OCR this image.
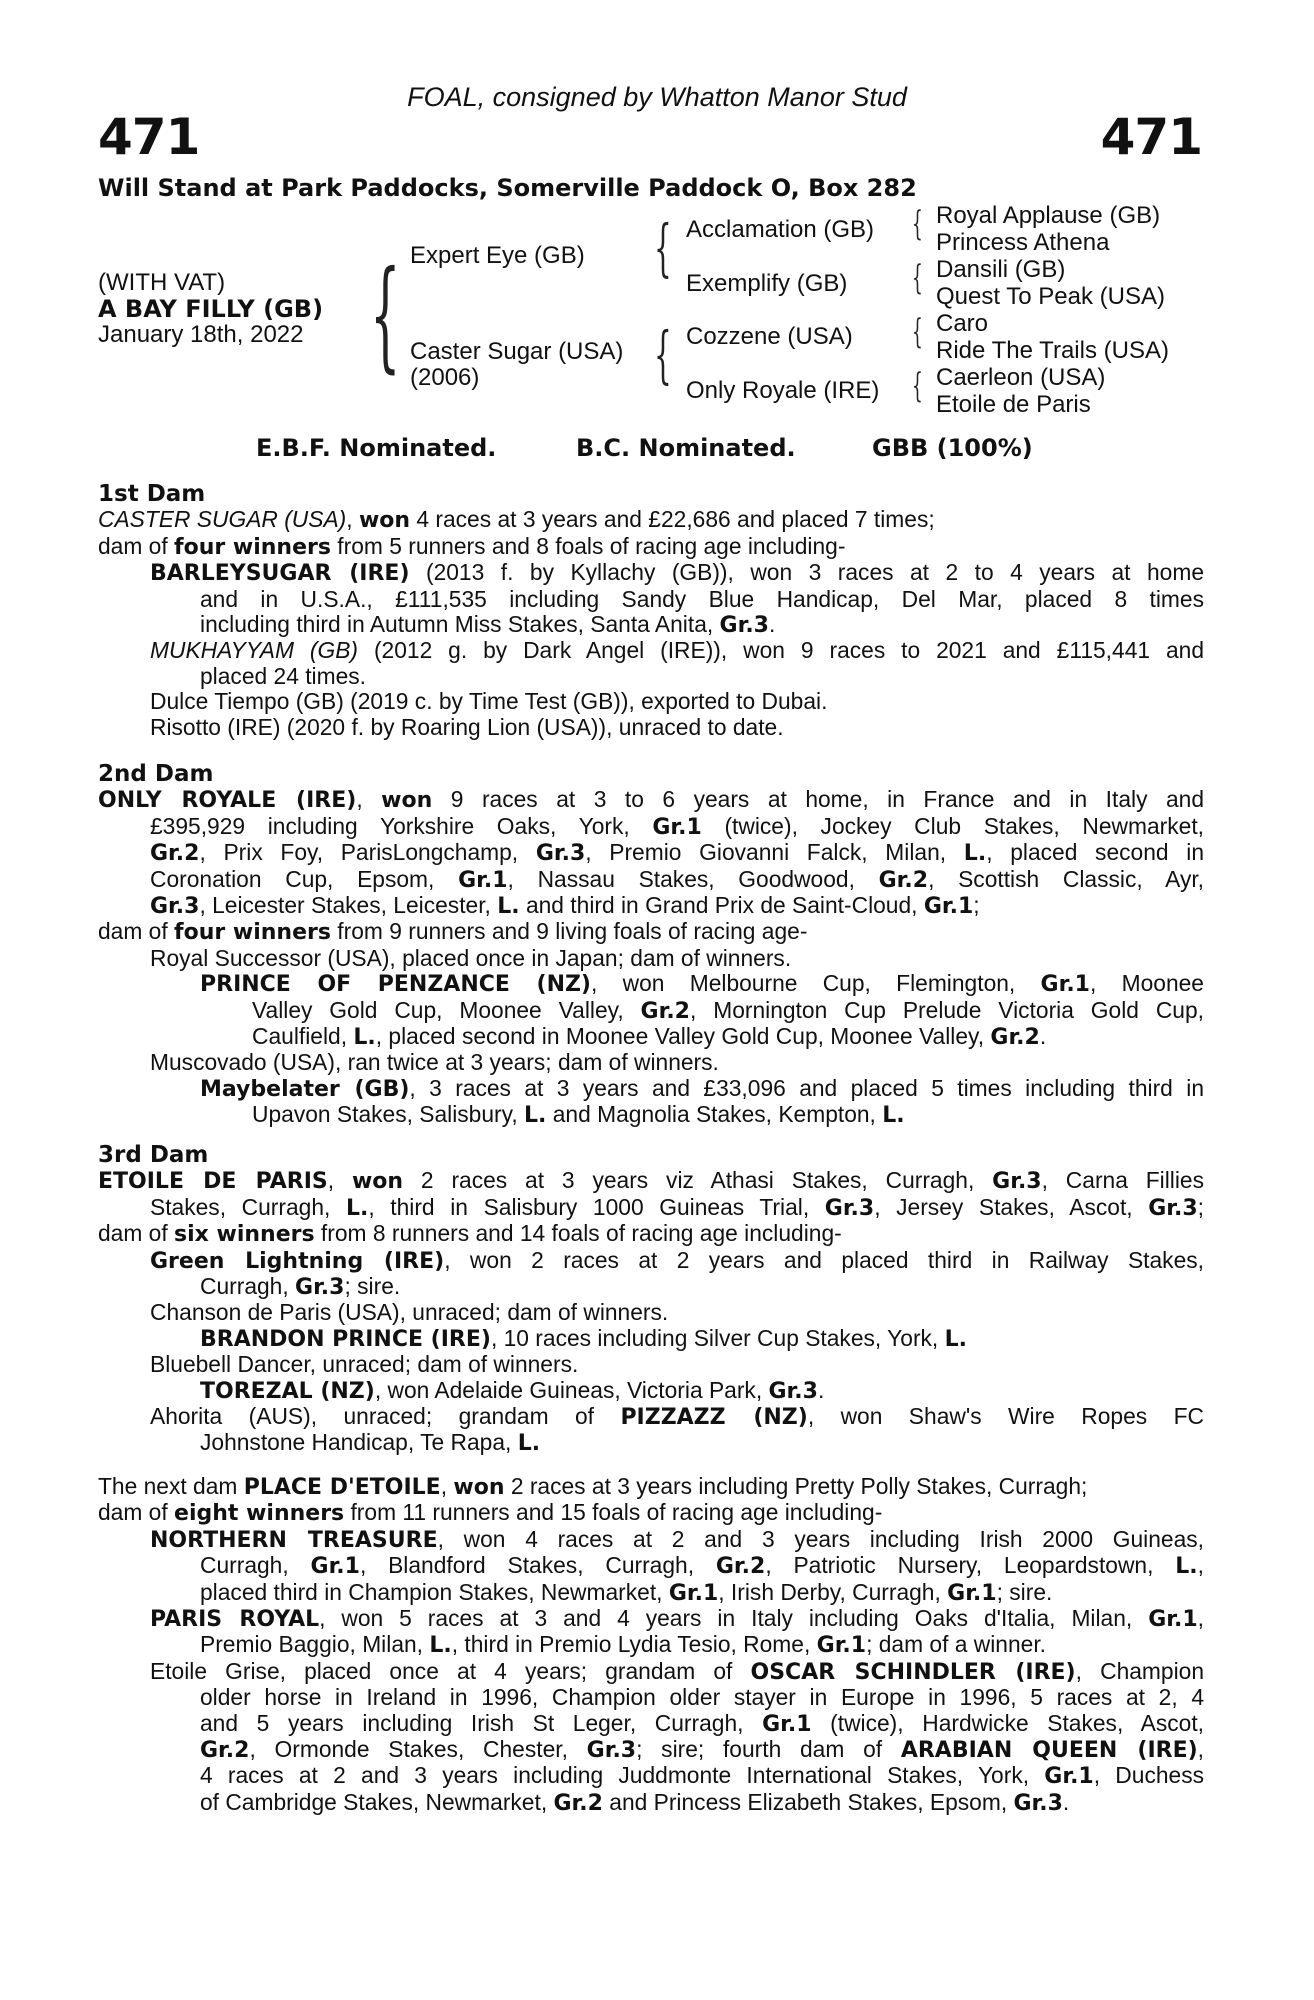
FOAL, consigned by Whatton Manor Stud
471	471
Will Stand at Park Paddocks, Somerville Paddock O, Box 282
(WITH VAT)
A BAY FILLY (GB)
January 18th, 2022 {	{
{
{
{
{
{
Expert Eye (GB)
Caster Sugar (USA)
(2006)
Acclamation (GB)
Exemplify (GB)
Cozzene (USA)
Only Royale (IRE)
Royal Applause (GB)
Princess Athena
Dansili (GB)
Quest To Peak (USA)
Caro
Ride The Trails (USA)
Caerleon (USA)
Etoile de Paris
E.B.F. Nominated.	B.C. Nominated.	GBB (100%)
1st Dam
CASTER SUGAR (USA), won 4 races at 3 years and £22,686 and placed 7 times;
dam of four winners from 5 runners and 8 foals of racing age including-
BARLEYSUGAR (IRE) (2013 f. by Kyllachy (GB)), won 3 races at 2 to 4 years at home
and in U.S.A., £111,535 including Sandy Blue Handicap, Del Mar, placed 8 times
including third in Autumn Miss Stakes, Santa Anita, Gr.3.
MUKHAYYAM (GB) (2012 g. by Dark Angel (IRE)), won 9 races to 2021 and £115,441 and
placed 24 times.
Dulce Tiempo (GB) (2019 c. by Time Test (GB)), exported to Dubai.
Risotto (IRE) (2020 f. by Roaring Lion (USA)), unraced to date.
2nd Dam
ONLY ROYALE (IRE), won 9 races at 3 to 6 years at home, in France and in Italy and
£395,929 including Yorkshire Oaks, York, Gr.1 (twice), Jockey Club Stakes, Newmarket,
Gr.2, Prix Foy, ParisLongchamp, Gr.3, Premio Giovanni Falck, Milan, L., placed second in
Coronation Cup, Epsom, Gr.1, Nassau Stakes, Goodwood, Gr.2, Scottish Classic, Ayr,
Gr.3, Leicester Stakes, Leicester, L. and third in Grand Prix de Saint-Cloud, Gr.1;
dam of four winners from 9 runners and 9 living foals of racing age-
Royal Successor (USA), placed once in Japan; dam of winners.
PRINCE OF PENZANCE (NZ), won Melbourne Cup, Flemington, Gr.1, Moonee
Valley Gold Cup, Moonee Valley, Gr.2, Mornington Cup Prelude Victoria Gold Cup,
Caulfield, L., placed second in Moonee Valley Gold Cup, Moonee Valley, Gr.2.
Muscovado (USA), ran twice at 3 years; dam of winners.
Maybelater (GB), 3 races at 3 years and £33,096 and placed 5 times including third in
Upavon Stakes, Salisbury, L. and Magnolia Stakes, Kempton, L.
3rd Dam
ETOILE DE PARIS, won 2 races at 3 years viz Athasi Stakes, Curragh, Gr.3, Carna Fillies
Stakes, Curragh, L., third in Salisbury 1000 Guineas Trial, Gr.3, Jersey Stakes, Ascot, Gr.3;
dam of six winners from 8 runners and 14 foals of racing age including-
Green Lightning (IRE), won 2 races at 2 years and placed third in Railway Stakes,
Curragh, Gr.3; sire.
Chanson de Paris (USA), unraced; dam of winners.
BRANDON PRINCE (IRE), 10 races including Silver Cup Stakes, York, L.
Bluebell Dancer, unraced; dam of winners.
TOREZAL (NZ), won Adelaide Guineas, Victoria Park, Gr.3.
Ahorita (AUS), unraced; grandam of PIZZAZZ (NZ), won Shaw's Wire Ropes FC
Johnstone Handicap, Te Rapa, L.
The next dam PLACE D'ETOILE, won 2 races at 3 years including Pretty Polly Stakes, Curragh;
dam of eight winners from 11 runners and 15 foals of racing age including-
NORTHERN TREASURE, won 4 races at 2 and 3 years including Irish 2000 Guineas,
Curragh, Gr.1, Blandford Stakes, Curragh, Gr.2, Patriotic Nursery, Leopardstown, L.,
placed third in Champion Stakes, Newmarket, Gr.1, Irish Derby, Curragh, Gr.1; sire.
PARIS ROYAL, won 5 races at 3 and 4 years in Italy including Oaks d'Italia, Milan, Gr.1,
Premio Baggio, Milan, L., third in Premio Lydia Tesio, Rome, Gr.1; dam of a winner.
Etoile Grise, placed once at 4 years; grandam of OSCAR SCHINDLER (IRE), Champion
older horse in Ireland in 1996, Champion older stayer in Europe in 1996, 5 races at 2, 4
and 5 years including Irish St Leger, Curragh, Gr.1 (twice), Hardwicke Stakes, Ascot,
Gr.2, Ormonde Stakes, Chester, Gr.3; sire; fourth dam of ARABIAN QUEEN (IRE),
4 races at 2 and 3 years including Juddmonte International Stakes, York, Gr.1, Duchess
of Cambridge Stakes, Newmarket, Gr.2 and Princess Elizabeth Stakes, Epsom, Gr.3.
